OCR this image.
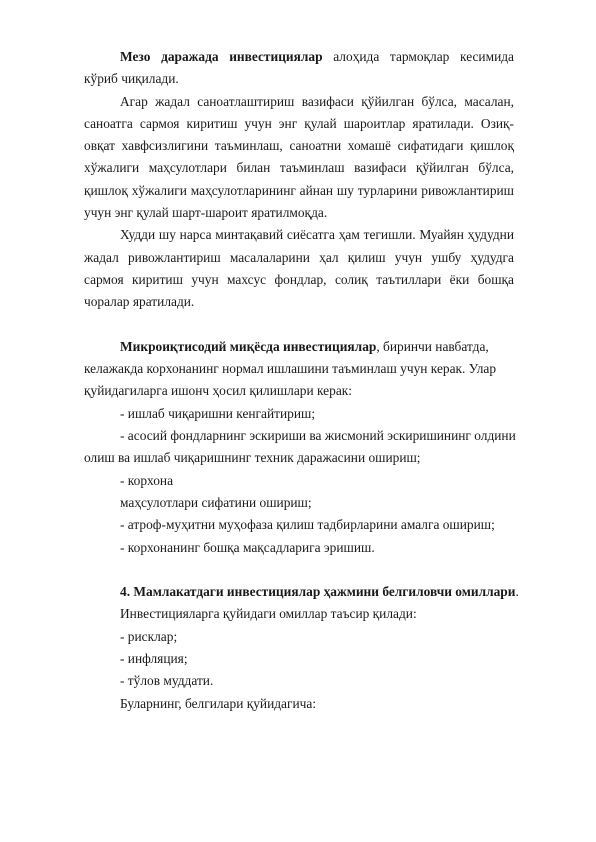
Мезо даражада инвестициялар алоҳида тармоқлар кесимида кўриб чиқилади.

Агар жадал саноатлаштириш вазифаси қўйилган бўлса, масалан, саноатга сармоя киритиш учун энг қулай шароитлар яратилади. Озиқ-овқат хавфсизлигини таъминлаш, саноатни хомашё сифатидаги қишлоқ хўжалиги маҳсулотлари билан таъминлаш вазифаси қўйилган бўлса, қишлоқ хўжалиги маҳсулотларининг айнан шу турларини ривожлантириш учун энг қулай шарт-шароит яратилмоқда.

Худди шу нарса минтақавий сиёсатга ҳам тегишли. Муайян ҳудудни жадал ривожлантириш масалаларини ҳал қилиш учун ушбу ҳудудга сармоя киритиш учун махсус фондлар, солиқ таътиллари ёки бошқа чоралар яратилади.

Микроиқтисодий миқёсда инвестициялар, биринчи навбатда,

келажакда корхонанинг нормал ишлашини таъминлаш учун керак. Улар

қуйидагиларга ишонч ҳосил қилишлари керак:

- ишлаб чиқаришни кенгайтириш;

- асосий фондларнинг эскириши ва жисмоний эскиришининг олдини

олиш ва ишлаб чиқаришнинг техник даражасини ошириш;

- корхона

маҳсулотлари сифатини ошириш;

- атроф-муҳитни муҳофаза қилиш тадбирларини амалга ошириш;

- корхонанинг бошқа мақсадларига эришиш.

4. Мамлакатдаги инвестициялар ҳажмини белгиловчи омиллари.

Инвестицияларга қуйидаги омиллар таъсир қилади:

- рисклар;

- инфляция;

- тўлов муддати.

Буларнинг, белгилари қуйидагича:
